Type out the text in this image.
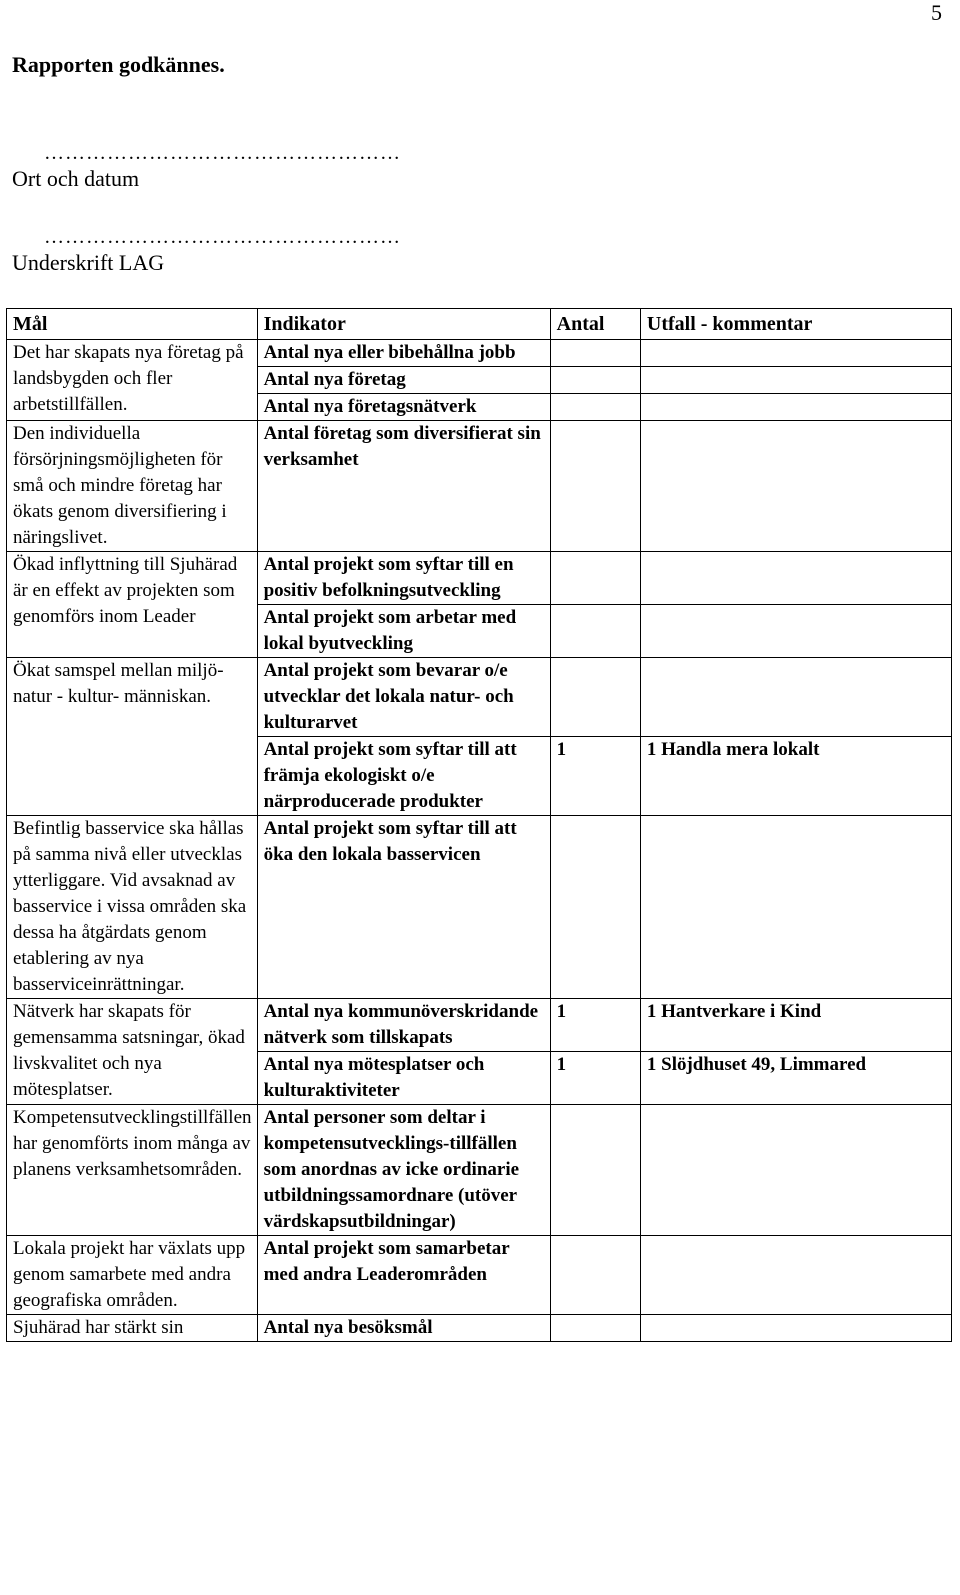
5
Rapporten godkännes.
……………………………………………
Ort och datum
……………………………………………
Underskrift LAG
Mål	Indikator	Antal	Utfall - kommentar
Det har skapats nya företag på landsbygden och fler arbetstillfällen.	Antal nya eller bibehållna jobb		
	Antal nya företag		
	Antal nya företagsnätverk		
Den individuella försörjningsmöjligheten för små och mindre företag har ökats genom diversifiering i näringslivet.	Antal företag som diversifierat sin verksamhet		
Ökad inflyttning till Sjuhärad är en effekt av projekten som genomförs inom Leader	Antal projekt som syftar till en positiv befolkningsutveckling		
	Antal projekt som arbetar med lokal byutveckling		
Ökat samspel mellan miljö- natur - kultur- människan.	Antal projekt som bevarar o/e utvecklar det lokala natur- och kulturarvet		
	Antal projekt som syftar till att främja ekologiskt o/e närproducerade produkter	1	1 Handla mera lokalt
Befintlig basservice ska hållas på samma nivå eller utvecklas ytterliggare. Vid avsaknad av basservice i vissa områden ska dessa ha åtgärdats genom etablering av nya basserviceinrättningar.	Antal projekt som syftar till att öka den lokala basservicen		
Nätverk har skapats för gemensamma satsningar, ökad livskvalitet och nya mötesplatser.	Antal nya kommunöverskridande nätverk som tillskapats	1	1 Hantverkare i Kind
	Antal nya mötesplatser och kulturaktiviteter	1	1 Slöjdhuset 49, Limmared
Kompetensutvecklingstillfällen har genomförts inom många av planens verksamhetsområden.	Antal personer som deltar i kompetensutvecklings-tillfällen som anordnas av icke ordinarie utbildningssamordnare (utöver värdskapsutbildningar)		
Lokala projekt har växlats upp genom samarbete med andra geografiska områden.	Antal projekt som samarbetar med andra Leaderområden		
Sjuhärad har stärkt sin	Antal nya besöksmål		
